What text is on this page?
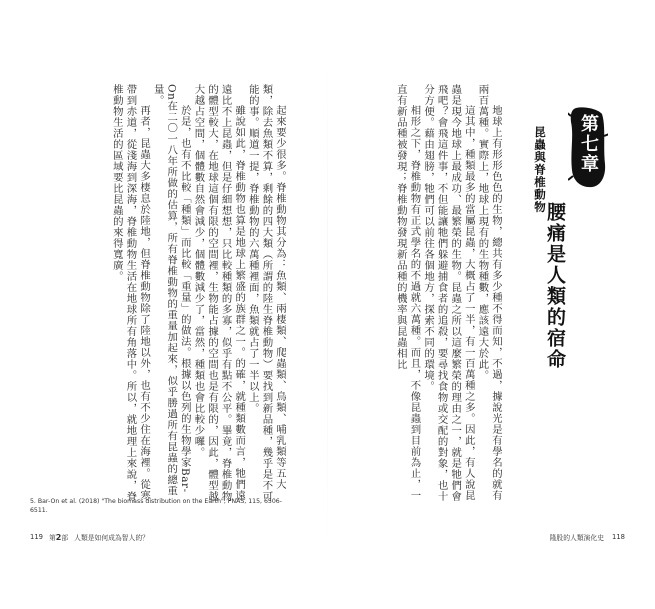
起來要少很多。脊椎動物其分為：魚類、兩棲類、爬蟲類、鳥類、哺乳類等五大類，除去魚類不算，剩餘的四大類（所謂的陸生脊椎動物）要找到新品種，幾乎是不可能的事。順道一提，脊椎動物的六萬種裡面，魚類就占了一半以上。

雖說如此，脊椎動物也算是地球上繁盛的族群之一。的確，就種類數而言，牠們遠遠比不上昆蟲，但是仔細想想，只比較種類的多寡，似乎有點不公平。畢竟，脊椎動物的體型較大，在地球這個有限的空間裡，生物能占據的空間也是有限的，因此，體型越大越占空間，個體數自然會減少，個體數減少了，當然，種類也會比較少囉。

於是，也有不比較「種類」而比較「重量」的做法。根據以色列的生物學家Bar-On在二〇一八年所做的估算，所有脊椎動物的重量加起來，似乎勝過所有昆蟲的總重量。

再者，昆蟲大多棲息於陸地，但脊椎動物除了陸地以外，也有不少住在海裡。從寒帶到赤道，從淺海到深海，脊椎動物生活在地球所有角落中。所以，就地理上來說，脊椎動物生活的區域要比昆蟲的來得寬廣。	地球上有形形色色的生物，總共有多少種不得而知，不過，據說光是有學名的就有兩百萬種。實際上，地球上現有的生物種數，應該遠大於此。

這其中，種類最多的當屬昆蟲，大概占了一半，有一百萬種之多。因此，有人說昆蟲是現今地球上最成功、最繁榮的生物。昆蟲之所以這麼繁榮的理由之一，就是牠們會飛吧？會飛這件事，不但能讓牠們躲避捕食者的追殺，要尋找食物或交配的對象，也十分方便。藉由翅膀，牠們可以前往各個地方，探索不同的環境。

相形之下，脊椎動物有正式學名的不過就六萬種。而且，不像昆蟲到目前為止，一直有新品種被發現；脊椎動物發現新品種的機率與昆蟲相比	昆蟲與脊椎動物	第七章
腰痛是人類的宿命
5. Bar-On et al. (2018) "The biomass distribution on the Earth", PNAS, 115, 6506-6511.
119 第2部 人類是如何成為智人的？	隆股的人類演化史 118
